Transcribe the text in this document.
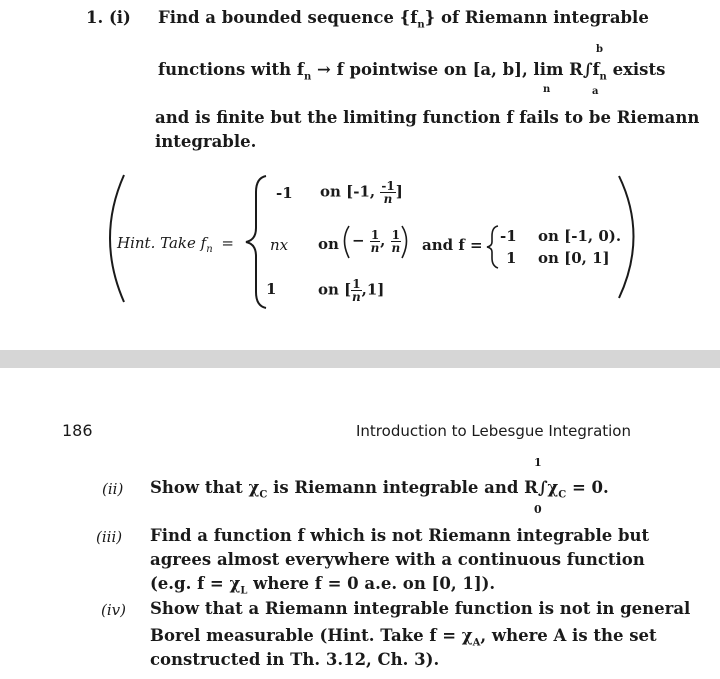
1. (i) Find a bounded sequence $\{f_n\}$ of Riemann integrable
b
functions with $f_n \to f$ pointwise on [a, b], $\lim R\int f_n$ exists
n	a
and is finite but the limiting function f fails to be Riemann
integrable.
Hint. Take $f_n$ =
-1 on [-1, $\frac{-1}{n}$ ]
nx on − $\frac{1}{n}$ , $\frac{1}{n}$
1	on [ $\frac{1}{n} ,1$]
and f = -1 on [-1, 0).
1 on [0, 1]
186	Introduction to Lebesgue Integration
(ii)
1
Show that $\chi_C$ is Riemann integrable and $R\int\chi_C = 0$.
0
(iii) Find a function f which is not Riemann integrable but
agrees almost everywhere with a continuous function
(e.g. $f = \chi_L$ where f = 0 a.e. on [0, 1]).
(iv) Show that a Riemann integrable function is not in general
Borel measurable (Hint. Take $f = \chi_A$, where A is the set
constructed in Th. 3.12, Ch. 3).
